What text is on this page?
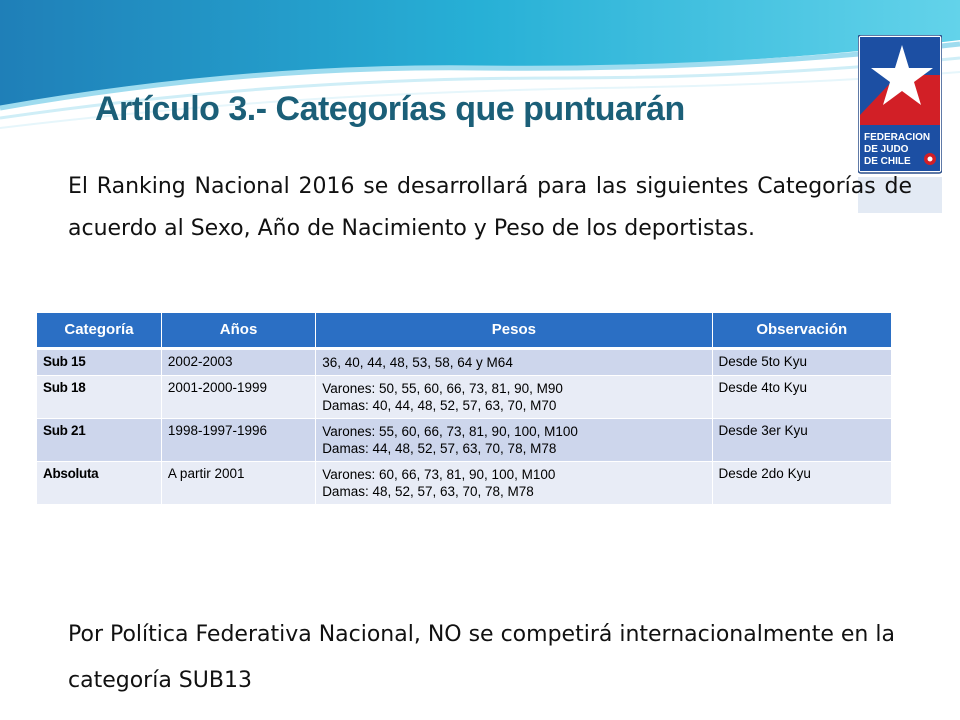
Artículo 3.- Categorías que puntuarán
FEDERACION
DE JUDO
DE CHILE
El Ranking Nacional 2016 se desarrollará para las siguientes Categorías de acuerdo al Sexo, Año de Nacimiento y Peso de los deportistas.
Categoría	Años	Pesos	Observación
Sub 15	2002-2003	36, 40, 44, 48, 53, 58, 64 y M64	Desde 5to Kyu
Sub 18	2001-2000-1999	Varones: 50, 55, 60, 66, 73, 81, 90, M90
Damas: 40, 44, 48, 52, 57, 63, 70, M70	Desde 4to Kyu
Sub 21	1998-1997-1996	Varones: 55, 60, 66, 73, 81, 90, 100, M100
Damas: 44, 48, 52, 57, 63, 70, 78, M78	Desde 3er Kyu
Absoluta	A partir 2001	Varones: 60, 66, 73, 81, 90, 100, M100
Damas: 48, 52, 57, 63, 70, 78, M78	Desde 2do Kyu
Por Política Federativa Nacional, NO se competirá internacionalmente en la categoría SUB13
